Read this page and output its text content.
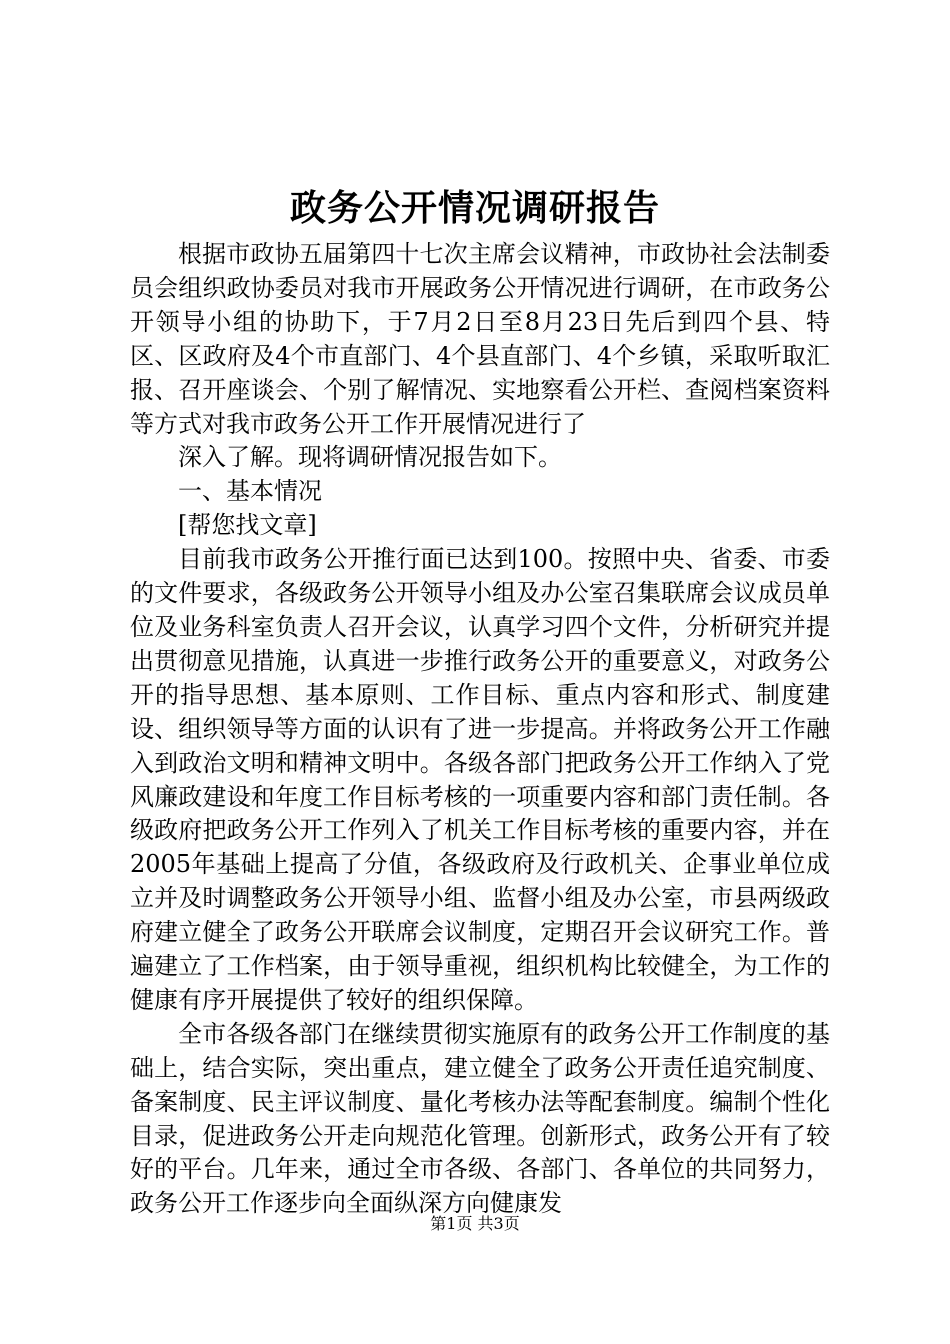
政务公开情况调研报告

根据市政协五届第四十七次主席会议精神，市政协社会法制委员会组织政协委员对我市开展政务公开情况进行调研，在市政务公开领导小组的协助下，于7月2日至8月23日先后到四个县、特区、区政府及4个市直部门、4个县直部门、4个乡镇，采取听取汇报、召开座谈会、个别了解情况、实地察看公开栏、查阅档案资料等方式对我市政务公开工作开展情况进行了

深入了解。现将调研情况报告如下。

一、基本情况

[帮您找文章]

目前我市政务公开推行面已达到100。按照中央、省委、市委的文件要求，各级政务公开领导小组及办公室召集联席会议成员单位及业务科室负责人召开会议，认真学习四个文件，分析研究并提出贯彻意见措施，认真进一步推行政务公开的重要意义，对政务公开的指导思想、基本原则、工作目标、重点内容和形式、制度建设、组织领导等方面的认识有了进一步提高。并将政务公开工作融入到政治文明和精神文明中。各级各部门把政务公开工作纳入了党风廉政建设和年度工作目标考核的一项重要内容和部门责任制。各级政府把政务公开工作列入了机关工作目标考核的重要内容，并在2005年基础上提高了分值，各级政府及行政机关、企事业单位成立并及时调整政务公开领导小组、监督小组及办公室，市县两级政府建立健全了政务公开联席会议制度，定期召开会议研究工作。普遍建立了工作档案，由于领导重视，组织机构比较健全，为工作的健康有序开展提供了较好的组织保障。

全市各级各部门在继续贯彻实施原有的政务公开工作制度的基础上，结合实际，突出重点，建立健全了政务公开责任追究制度、备案制度、民主评议制度、量化考核办法等配套制度。编制个性化目录，促进政务公开走向规范化管理。创新形式，政务公开有了较好的平台。几年来，通过全市各级、各部门、各单位的共同努力，政务公开工作逐步向全面纵深方向健康发

第1页 共3页
